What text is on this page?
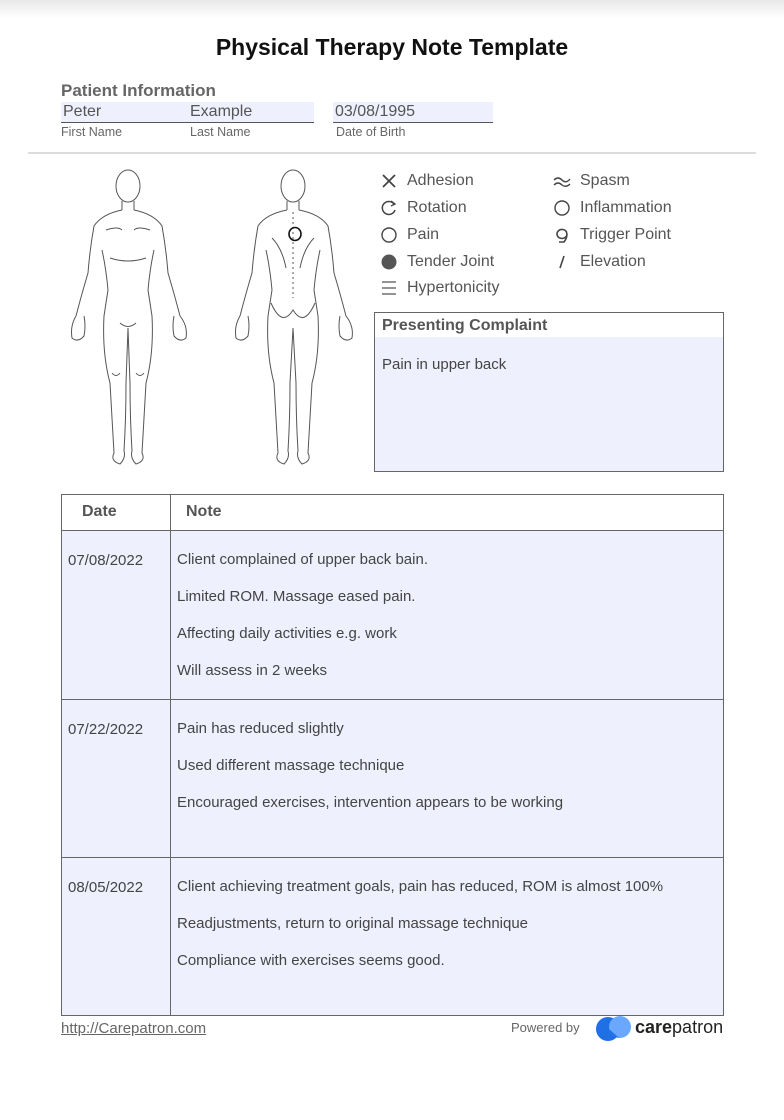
Physical Therapy Note Template
Patient Information
Peter	Example	03/08/1995
First Name	Last Name	Date of Birth
Adhesion	Spasm
Rotation	Inflammation
Pain	Trigger Point
Tender Joint	Elevation
Hypertonicity
Presenting Complaint
Pain in upper back
Date	Note
07/08/2022	Client complained of upper back bain.
Limited ROM. Massage eased pain.
Affecting daily activities e.g. work
Will assess in 2 weeks

07/22/2022	Pain has reduced slightly
Used different massage technique
Encouraged exercises, intervention appears to be working

08/05/2022	Client achieving treatment goals, pain has reduced, ROM is almost 100%
Readjustments, return to original massage technique
Compliance with exercises seems good.
http://Carepatron.com	Powered by	carepatron
